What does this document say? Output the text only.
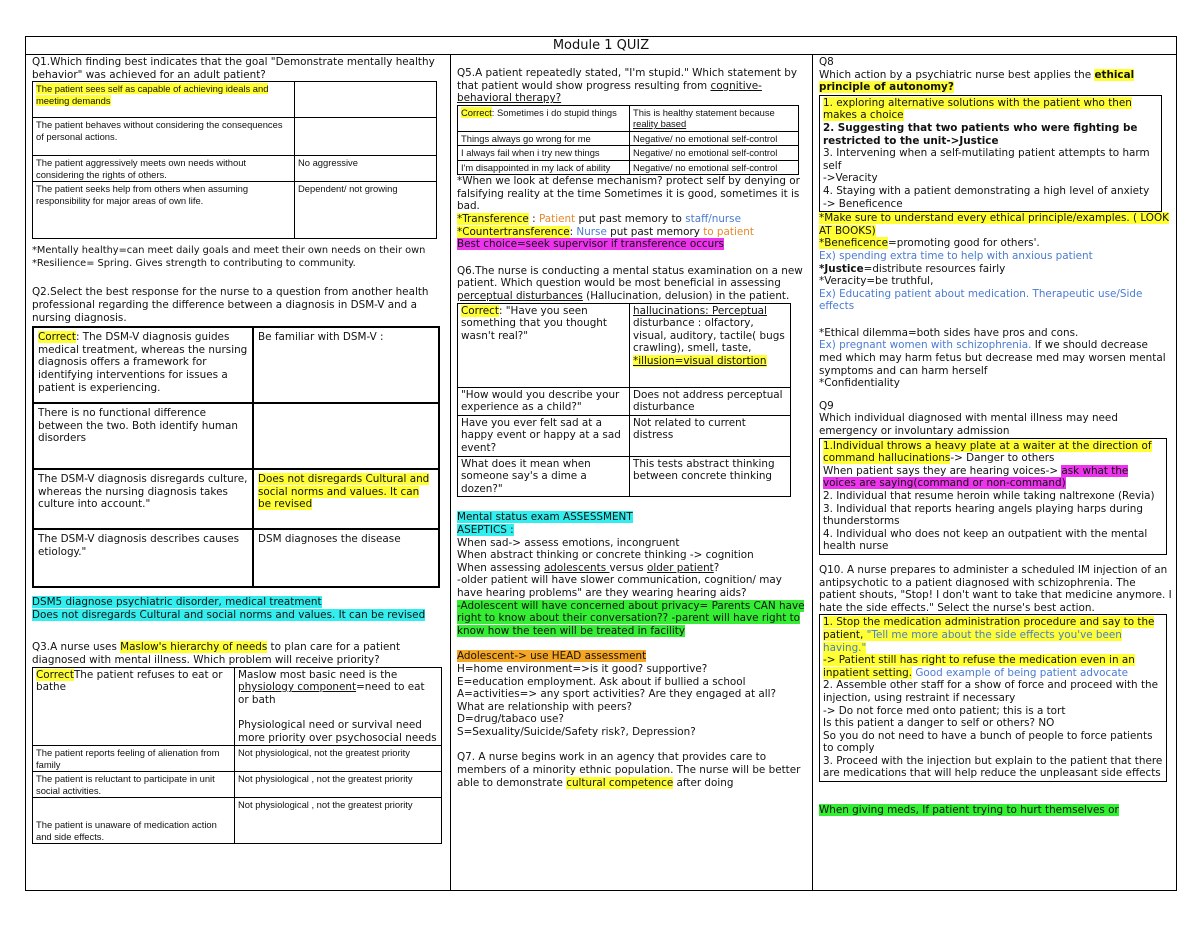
Module 1 QUIZ

Q1.Which finding best indicates that the goal "Demonstrate mentally healthy behavior" was achieved for an adult patient?

The patient sees self as capable of achieving ideals and meeting demands	
The patient behaves without considering the consequences of personal actions.	
The patient aggressively meets own needs without considering the rights of others.	No aggressive
The patient seeks help from others when assuming responsibility for major areas of own life.	Dependent/ not growing

*Mentally healthy=can meet daily goals and meet their own needs on their own

*Resilience= Spring. Gives strength to contributing to community.

Q2.Select the best response for the nurse to a question from another health professional regarding the difference between a diagnosis in DSM-V and a nursing diagnosis.

Correct: The DSM-V diagnosis guides medical treatment, whereas the nursing diagnosis offers a framework for identifying interventions for issues a patient is experiencing.	Be familiar with DSM-V :
There is no functional difference between the two. Both identify human disorders	
The DSM-V diagnosis disregards culture, whereas the nursing diagnosis takes culture into account."	Does not disregards Cultural and social norms and values. It can be revised
The DSM-V diagnosis describes causes etiology."	DSM diagnoses the disease

DSM5 diagnose psychiatric disorder, medical treatment

Does not disregards Cultural and social norms and values. It can be revised

Q3.A nurse uses Maslow's hierarchy of needs to plan care for a patient diagnosed with mental illness. Which problem will receive priority?

CorrectThe patient refuses to eat or bathe	Maslow most basic need is the physiology component=need to eat or bath

Physiological need or survival need more priority over psychosocial needs
The patient reports feeling of alienation from family	Not physiological, not the greatest priority
The patient is reluctant to participate in unit social activities.	Not physiological , not the greatest priority
The patient is unaware of medication action and side effects.	Not physiological , not the greatest priority

Q5.A patient repeatedly stated, "I'm stupid." Which statement by that patient would show progress resulting from cognitive-behavioral therapy?

Correct: Sometimes i do stupid things	This is healthy statement because reality based
Things always go wrong for me	Negative/ no emotional self-control
I always fail when i try new things	Negative/ no emotional self-control
I'm disappointed in my lack of ability	Negative/ no emotional self-control

*When we look at defense mechanism? protect self by denying or falsifying reality at the time Sometimes it is good, sometimes it is bad.

*Transference : Patient put past memory to staff/nurse

*Countertransference: Nurse put past memory to patient

Best choice=seek supervisor if transference occurs

Q6.The nurse is conducting a mental status examination on a new patient. Which question would be most beneficial in assessing perceptual disturbances (Hallucination, delusion) in the patient.

Correct: "Have you seen something that you thought wasn't real?"	hallucinations: Perceptual disturbance : olfactory, visual, auditory, tactile( bugs crawling), smell, taste, *illusion=visual distortion
"How would you describe your experience as a child?"	Does not address perceptual disturbance
Have you ever felt sad at a happy event or happy at a sad event?	Not related to current distress
What does it mean when someone say's a dime a dozen?"	This tests abstract thinking between concrete thinking

Mental status exam ASSESSMENT

ASEPTICS :

When sad-> assess emotions, incongruent

When abstract thinking or concrete thinking -> cognition

When assessing adolescents versus older patient?

-older patient will have slower communication, cognition/ may have hearing problems" are they wearing hearing aids?

-Adolescent will have concerned about privacy= Parents CAN have right to know about their conversation?? -parent will have right to know how the teen will be treated in facility

Adolescent-> use HEAD assessment

H=home environment=>is it good? supportive?

E=education employment. Ask about if bullied a school

A=activities=> any sport activities? Are they engaged at all? What are relationship with peers?

D=drug/tabaco use?

S=Sexuality/Suicide/Safety risk?, Depression?

Q7. A nurse begins work in an agency that provides care to members of a minority ethnic population. The nurse will be better able to demonstrate cultural competence after doing

Q8

Which action by a psychiatric nurse best applies the ethical principle of autonomy?

1. exploring alternative solutions with the patient who then makes a choice

2. Suggesting that two patients who were fighting be restricted to the unit->Justice

3. Intervening when a self-mutilating patient attempts to harm self

->Veracity

4. Staying with a patient demonstrating a high level of anxiety

-> Beneficence

*Make sure to understand every ethical principle/examples. ( LOOK AT BOOKS)

*Beneficence=promoting good for others'.

Ex) spending extra time to help with anxious patient

*Justice=distribute resources fairly

*Veracity=be truthful,

Ex) Educating patient about medication. Therapeutic use/Side effects

*Ethical dilemma=both sides have pros and cons.

Ex) pregnant women with schizophrenia. If we should decrease med which may harm fetus but decrease med may worsen mental symptoms and can harm herself

*Confidentiality

Q9

Which individual diagnosed with mental illness may need emergency or involuntary admission

1.Individual throws a heavy plate at a waiter at the direction of command hallucinations-> Danger to others

When patient says they are hearing voices-> ask what the voices are saying(command or non-command)

2. Individual that resume heroin while taking naltrexone (Revia)

3. Individual that reports hearing angels playing harps during thunderstorms

4. Individual who does not keep an outpatient with the mental health nurse

Q10. A nurse prepares to administer a scheduled IM injection of an antipsychotic to a patient diagnosed with schizophrenia. The patient shouts, "Stop! I don't want to take that medicine anymore. I hate the side effects." Select the nurse's best action.

1. Stop the medication administration procedure and say to the patient, "Tell me more about the side effects you've been having."

-> Patient still has right to refuse the medication even in an inpatient setting. Good example of being patient advocate

2. Assemble other staff for a show of force and proceed with the injection, using restraint if necessary

-> Do not force med onto patient; this is a tort

Is this patient a danger to self or others? NO

So you do not need to have a bunch of people to force patients to comply

3. Proceed with the injection but explain to the patient that there are medications that will help reduce the unpleasant side effects

When giving meds, If patient trying to hurt themselves or
